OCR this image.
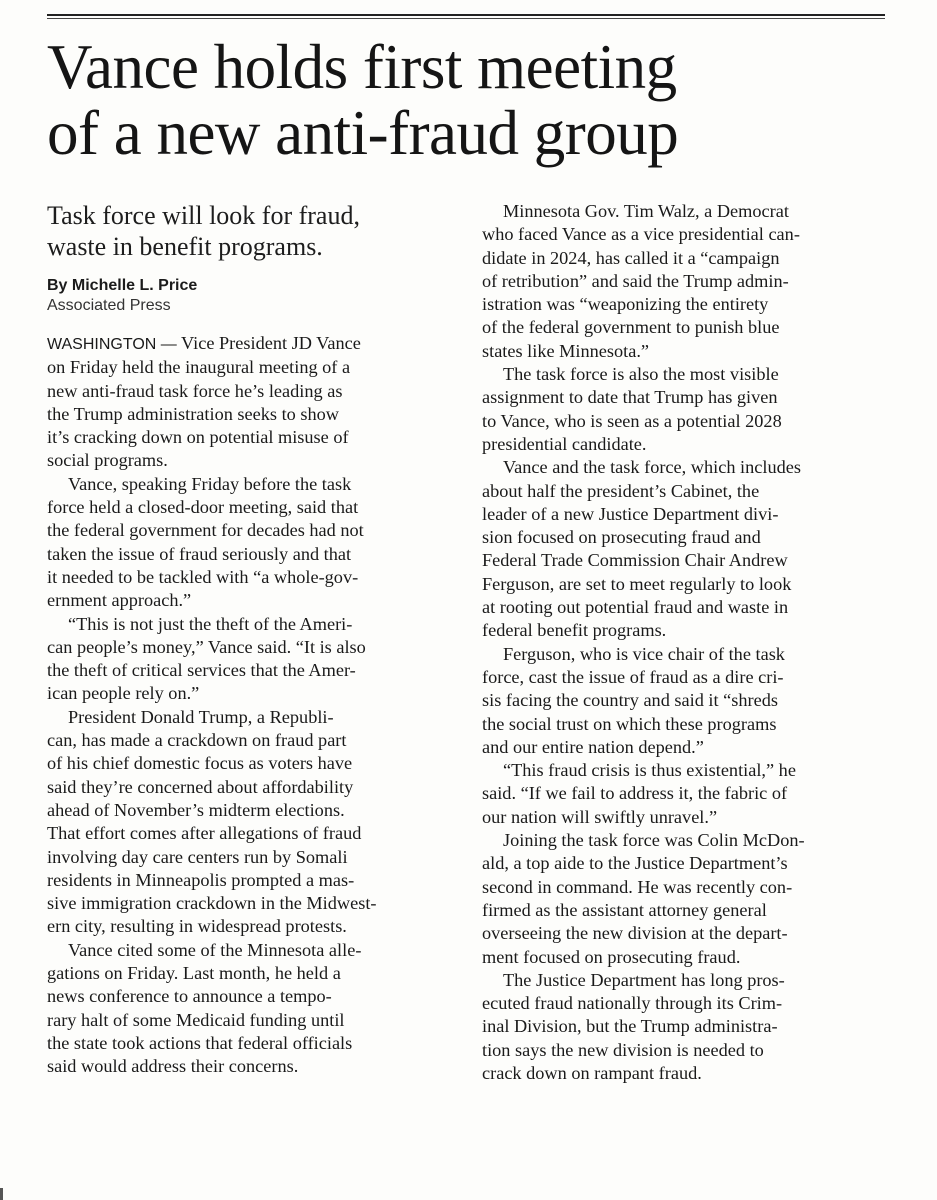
Vance holds first meeting
of a new anti-fraud group

Task force will look for fraud,
waste in benefit programs.

By Michelle L. Price

Associated Press

WASHINGTON — Vice President JD Vance
on Friday held the inaugural meeting of a
new anti-fraud task force he’s leading as
the Trump administration seeks to show
it’s cracking down on potential misuse of
social programs.

Vance, speaking Friday before the task
force held a closed-door meeting, said that
the federal government for decades had not
taken the issue of fraud seriously and that
it needed to be tackled with “a whole-gov-
ernment approach.”

“This is not just the theft of the Ameri-
can people’s money,” Vance said. “It is also
the theft of critical services that the Amer-
ican people rely on.”

President Donald Trump, a Republi-
can, has made a crackdown on fraud part
of his chief domestic focus as voters have
said they’re concerned about affordability
ahead of November’s midterm elections.
That effort comes after allegations of fraud
involving day care centers run by Somali
residents in Minneapolis prompted a mas-
sive immigration crackdown in the Midwest-
ern city, resulting in widespread protests.

Vance cited some of the Minnesota alle-
gations on Friday. Last month, he held a
news conference to announce a tempo-
rary halt of some Medicaid funding until
the state took actions that federal officials
said would address their concerns.

Minnesota Gov. Tim Walz, a Democrat
who faced Vance as a vice presidential can-
didate in 2024, has called it a “campaign
of retribution” and said the Trump admin-
istration was “weaponizing the entirety
of the federal government to punish blue
states like Minnesota.”

The task force is also the most visible
assignment to date that Trump has given
to Vance, who is seen as a potential 2028
presidential candidate.

Vance and the task force, which includes
about half the president’s Cabinet, the
leader of a new Justice Department divi-
sion focused on prosecuting fraud and
Federal Trade Commission Chair Andrew
Ferguson, are set to meet regularly to look
at rooting out potential fraud and waste in
federal benefit programs.

Ferguson, who is vice chair of the task
force, cast the issue of fraud as a dire cri-
sis facing the country and said it “shreds
the social trust on which these programs
and our entire nation depend.”

“This fraud crisis is thus existential,” he
said. “If we fail to address it, the fabric of
our nation will swiftly unravel.”

Joining the task force was Colin McDon-
ald, a top aide to the Justice Department’s
second in command. He was recently con-
firmed as the assistant attorney general
overseeing the new division at the depart-
ment focused on prosecuting fraud.

The Justice Department has long pros-
ecuted fraud nationally through its Crim-
inal Division, but the Trump administra-
tion says the new division is needed to
crack down on rampant fraud.
